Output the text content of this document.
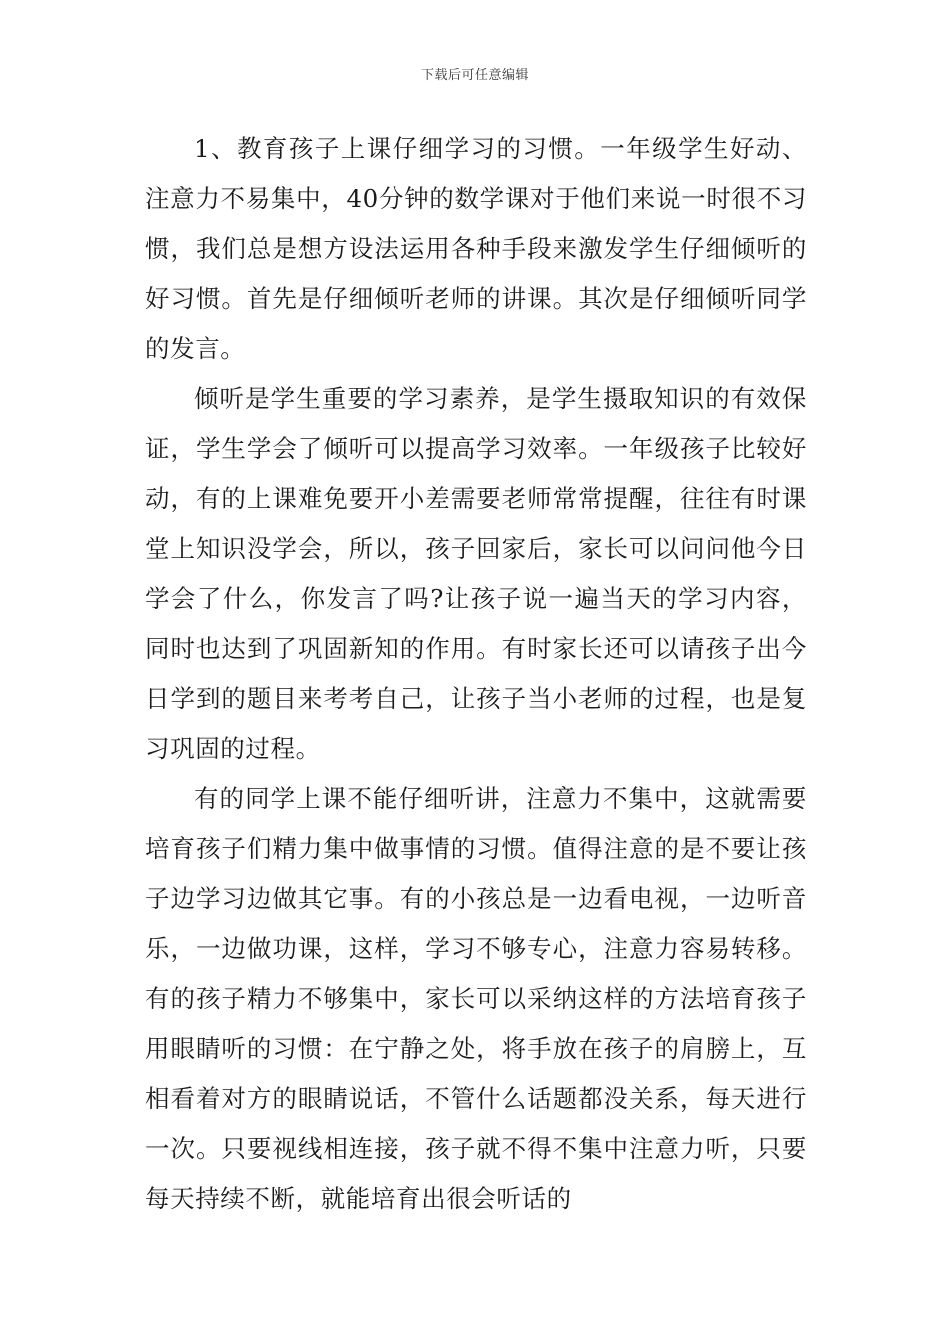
下载后可任意编辑

1、教育孩子上课仔细学习的习惯。一年级学生好动、注意力不易集中，40分钟的数学课对于他们来说一时很不习惯，我们总是想方设法运用各种手段来激发学生仔细倾听的好习惯。首先是仔细倾听老师的讲课。其次是仔细倾听同学的发言。

倾听是学生重要的学习素养，是学生摄取知识的有效保证，学生学会了倾听可以提高学习效率。一年级孩子比较好动，有的上课难免要开小差需要老师常常提醒，往往有时课堂上知识没学会，所以，孩子回家后，家长可以问问他今日学会了什么，你发言了吗?让孩子说一遍当天的学习内容，同时也达到了巩固新知的作用。有时家长还可以请孩子出今日学到的题目来考考自己，让孩子当小老师的过程，也是复习巩固的过程。

有的同学上课不能仔细听讲，注意力不集中，这就需要培育孩子们精力集中做事情的习惯。值得注意的是不要让孩子边学习边做其它事。有的小孩总是一边看电视，一边听音乐，一边做功课，这样，学习不够专心，注意力容易转移。有的孩子精力不够集中，家长可以采纳这样的方法培育孩子用眼睛听的习惯：在宁静之处，将手放在孩子的肩膀上，互相看着对方的眼睛说话，不管什么话题都没关系，每天进行一次。只要视线相连接，孩子就不得不集中注意力听，只要每天持续不断，就能培育出很会听话的
